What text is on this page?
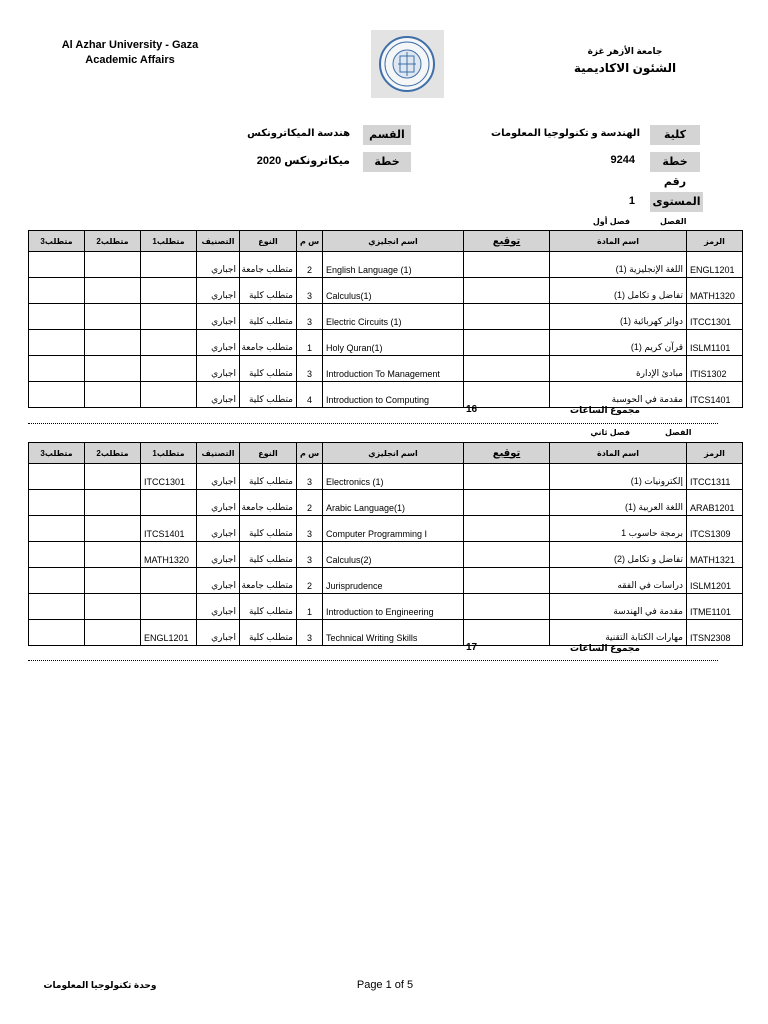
Al Azhar University - Gaza
Academic Affairs
جامعة الأزهر غزة
الشئون الاكاديمية
كلية
الهندسة و تكنولوجيا المعلومات
القسم
هندسة الميكاترونكس
خطة رقم
9244
خطة
ميكاترونكس 2020
المستوى
1
الفصل
فصل أول
متطلب3	متطلب2	متطلب1	التصنيف	النوع	س م	اسم انجليزي	توقيع	اسم المادة	الرمز
			اجباري	متطلب جامعة	2	English Language (1)		اللغة الإنجليزية (1)	ENGL1201
			اجباري	متطلب كلية	3	Calculus(1)		تفاضل و تكامل (1)	MATH1320
			اجباري	متطلب كلية	3	Electric Circuits (1)		دوائر كهربائية (1)	ITCC1301
			اجباري	متطلب جامعة	1	Holy Quran(1)		قرآن كريم (1)	ISLM1101
			اجباري	متطلب كلية	3	Introduction To Management		مبادئ الإدارة	ITIS1302
			اجباري	متطلب كلية	4	Introduction to Computing		مقدمة في الحوسبة	ITCS1401
16	مجموع الساعات
الفصل
فصل ثاني
متطلب3	متطلب2	متطلب1	التصنيف	النوع	س م	اسم انجليزي	توقيع	اسم المادة	الرمز
		ITCC1301	اجباري	متطلب كلية	3	Electronics (1)		إلكترونيات (1)	ITCC1311
			اجباري	متطلب جامعة	2	Arabic Language(1)		اللغة العربية (1)	ARAB1201
		ITCS1401	اجباري	متطلب كلية	3	Computer Programming I		برمجة حاسوب 1	ITCS1309
		MATH1320	اجباري	متطلب كلية	3	Calculus(2)		تفاضل و تكامل (2)	MATH1321
			اجباري	متطلب جامعة	2	Jurisprudence		دراسات في الفقه	ISLM1201
			اجباري	متطلب كلية	1	Introduction to Engineering		مقدمة في الهندسة	ITME1101
		ENGL1201	اجباري	متطلب كلية	3	Technical Writing Skills		مهارات الكتابة التقنية	ITSN2308
17	مجموع الساعات
وحدة تكنولوجيا المعلومات	Page 1 of 5
